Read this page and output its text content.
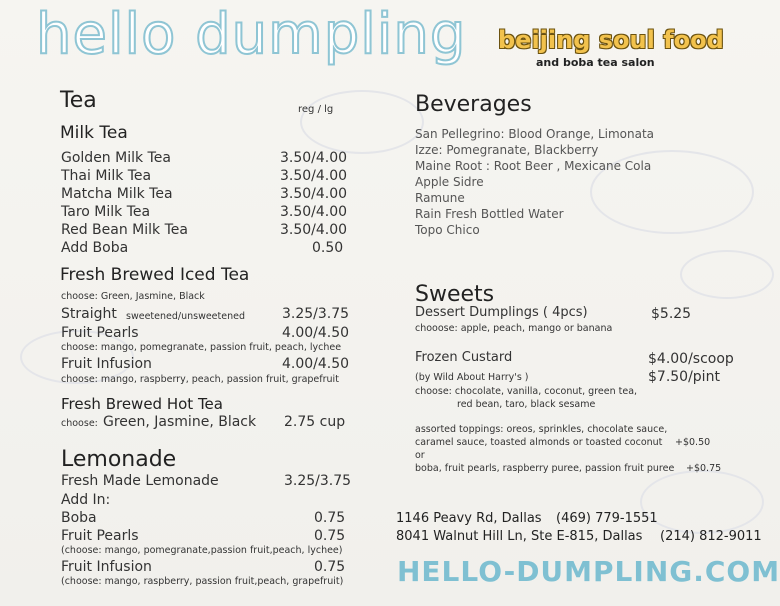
hello dumpling beijing soul food
and boba tea salon
Tea	reg / lg
Milk Tea
Golden Milk Tea	3.50/4.00
Thai Milk Tea	3.50/4.00
Matcha Milk Tea	3.50/4.00
Taro Milk Tea	3.50/4.00
Red Bean Milk Tea	3.50/4.00
Add Boba	0.50
Fresh Brewed Iced Tea
choose: Green, Jasmine, Black
Straight sweetened/unsweetened	3.25/3.75
Fruit Pearls	4.00/4.50
choose: mango, pomegranate, passion fruit, peach, lychee
Fruit Infusion	4.00/4.50
choose: mango, raspberry, peach, passion fruit, grapefruit
Fresh Brewed Hot Tea
choose: Green, Jasmine, Black 2.75 cup
Lemonade
Fresh Made Lemonade	3.25/3.75
Add In:
Boba	0.75
Fruit Pearls	0.75
(choose: mango, pomegranate,passion fruit,peach, lychee)
Fruit Infusion	0.75
(choose: mango, raspberry, passion fruit,peach, grapefruit)
Beverages
San Pellegrino: Blood Orange, Limonata
Izze: Pomegranate, Blackberry
Maine Root : Root Beer , Mexicane Cola
Apple Sidre
Ramune
Rain Fresh Bottled Water
Topo Chico
Sweets
Dessert Dumplings ( 4pcs)	$5.25
chooose: apple, peach, mango or banana
Frozen Custard	$4.00/scoop
(by Wild About Harry's )	$7.50/pint
choose: chocolate, vanilla, coconut, green tea,
red bean, taro, black sesame
assorted toppings: oreos, sprinkles, chocolate sauce,
caramel sauce, toasted almonds or toasted coconut +$0.50
or
boba, fruit pearls, raspberry puree, passion fruit puree +$0.75
1146 Peavy Rd, Dallas (469) 779-1551
8041 Walnut Hill Ln, Ste E-815, Dallas (214) 812-9011
HELLO-DUMPLING.COM
